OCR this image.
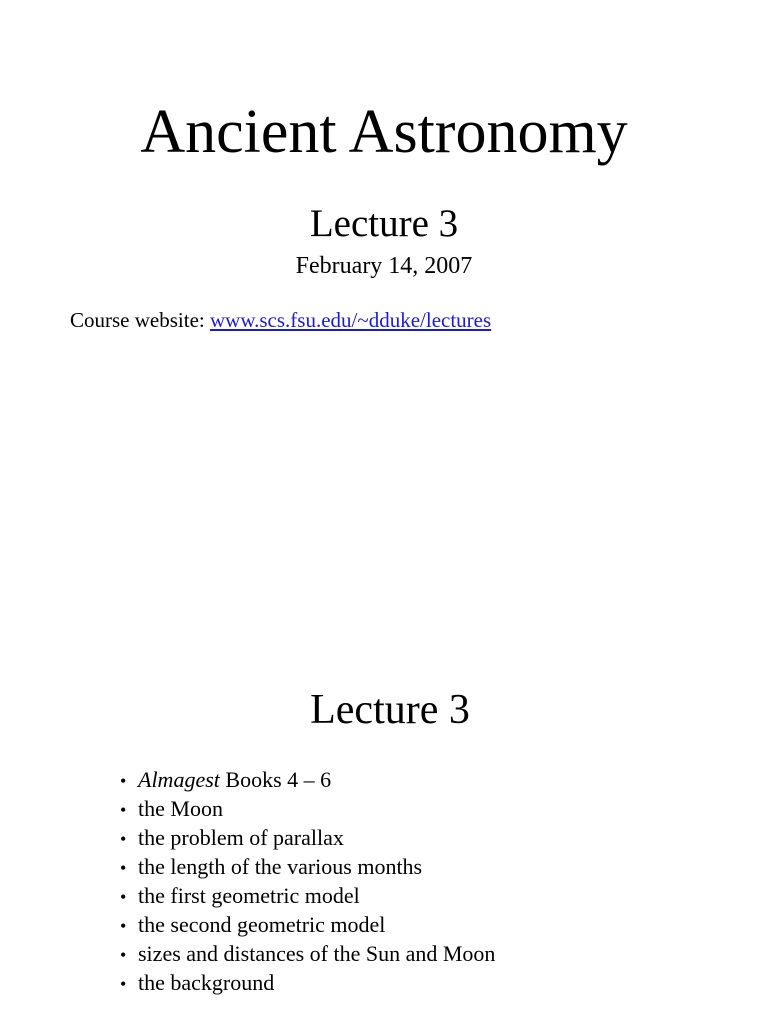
Ancient Astronomy
Lecture 3
February 14, 2007
Course website: www.scs.fsu.edu/~dduke/lectures
Lecture 3
• Almagest Books 4 – 6
• the Moon
• the problem of parallax
• the length of the various months
• the first geometric model
• the second geometric model
• sizes and distances of the Sun and Moon
• the background
